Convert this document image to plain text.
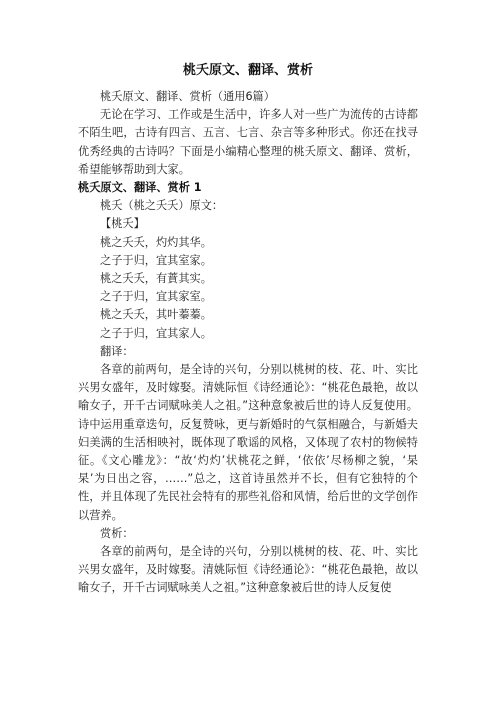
桃夭原文、翻译、赏析

桃夭原文、翻译、赏析（通用6篇）

无论在学习、工作或是生活中，许多人对一些广为流传的古诗都不陌生吧，古诗有四言、五言、七言、杂言等多种形式。你还在找寻优秀经典的古诗吗？下面是小编精心整理的桃夭原文、翻译、赏析，希望能够帮助到大家。

桃夭原文、翻译、赏析 1

桃夭（桃之夭夭）原文：

【桃夭】

桃之夭夭，灼灼其华。

之子于归，宜其室家。

桃之夭夭，有蕡其实。

之子于归，宜其家室。

桃之夭夭，其叶蓁蓁。

之子于归，宜其家人。

翻译：

各章的前两句，是全诗的兴句，分别以桃树的枝、花、叶、实比兴男女盛年，及时嫁娶。清姚际恒《诗经通论》：“桃花色最艳，故以喻女子，开千古词赋咏美人之祖。”这种意象被后世的诗人反复使用。诗中运用重章迭句，反复赞咏，更与新婚时的气氛相融合，与新婚夫妇美满的生活相映衬，既体现了歌谣的风格，又体现了农村的物候特征。《文心雕龙》：“故‘灼灼’状桃花之鲜，‘依依’尽杨柳之貌，‘杲杲’为日出之容，……”总之，这首诗虽然并不长，但有它独特的个性，并且体现了先民社会特有的那些礼俗和风情，给后世的文学创作以营养。

赏析：

各章的前两句，是全诗的兴句，分别以桃树的枝、花、叶、实比兴男女盛年，及时嫁娶。清姚际恒《诗经通论》：“桃花色最艳，故以喻女子，开千古词赋咏美人之祖。”这种意象被后世的诗人反复使
